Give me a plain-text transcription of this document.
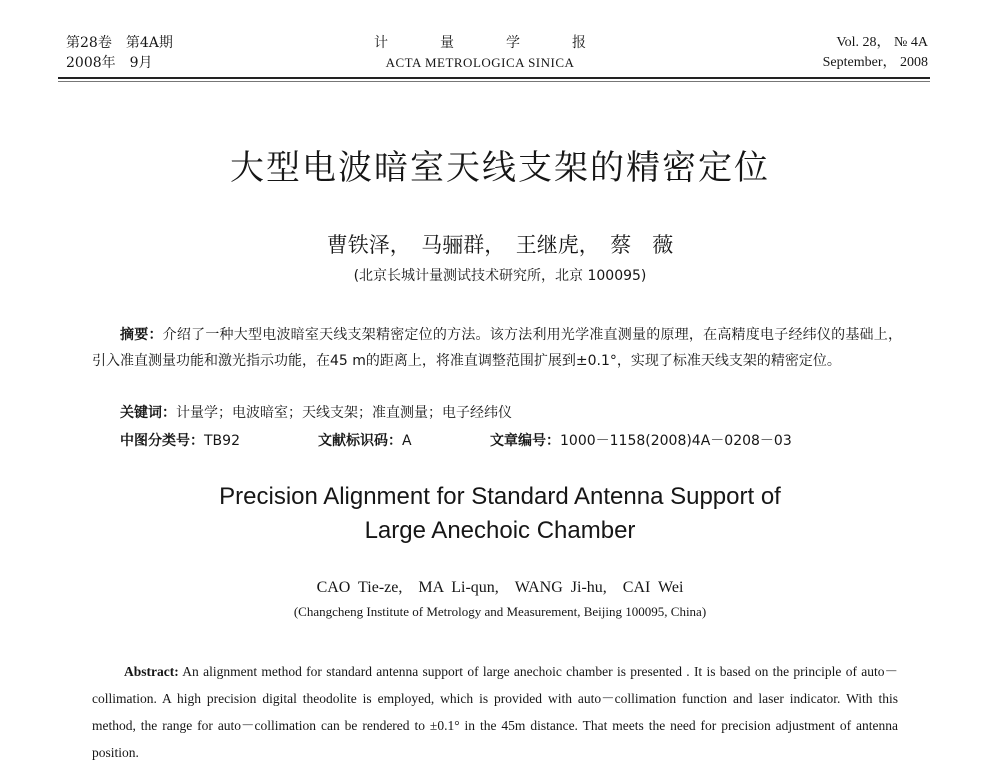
第28卷　第4A期
2008年　9月
计量学报
ACTA METROLOGICA SINICA
Vol. 28， № 4A
September， 2008
大型电波暗室天线支架的精密定位
曹铁泽，　马骊群，　王继虎，　蔡　薇
(北京长城计量测试技术研究所，北京 100095)
摘要：介绍了一种大型电波暗室天线支架精密定位的方法。该方法利用光学准直测量的原理，在高精度电子经纬仪的基础上，引入准直测量功能和激光指示功能，在45 m的距离上，将准直调整范围扩展到±0.1°，实现了标准天线支架的精密定位。
关键词：计量学；电波暗室；天线支架；准直测量；电子经纬仪
中图分类号：TB92	文献标识码：A	文章编号：1000－1158(2008)4A－0208－03
Precision Alignment for Standard Antenna Support of
Large Anechoic Chamber
CAO Tie-ze,　MA Li-qun,　WANG Ji-hu,　CAI Wei
(Changcheng Institute of Metrology and Measurement, Beijing 100095, China)
Abstract: An alignment method for standard antenna support of large anechoic chamber is presented . It is based on the principle of auto－collimation. A high precision digital theodolite is employed, which is provided with auto－collimation function and laser indicator. With this method, the range for auto－collimation can be rendered to ±0.1° in the 45m distance. That meets the need for precision adjustment of antenna position.
